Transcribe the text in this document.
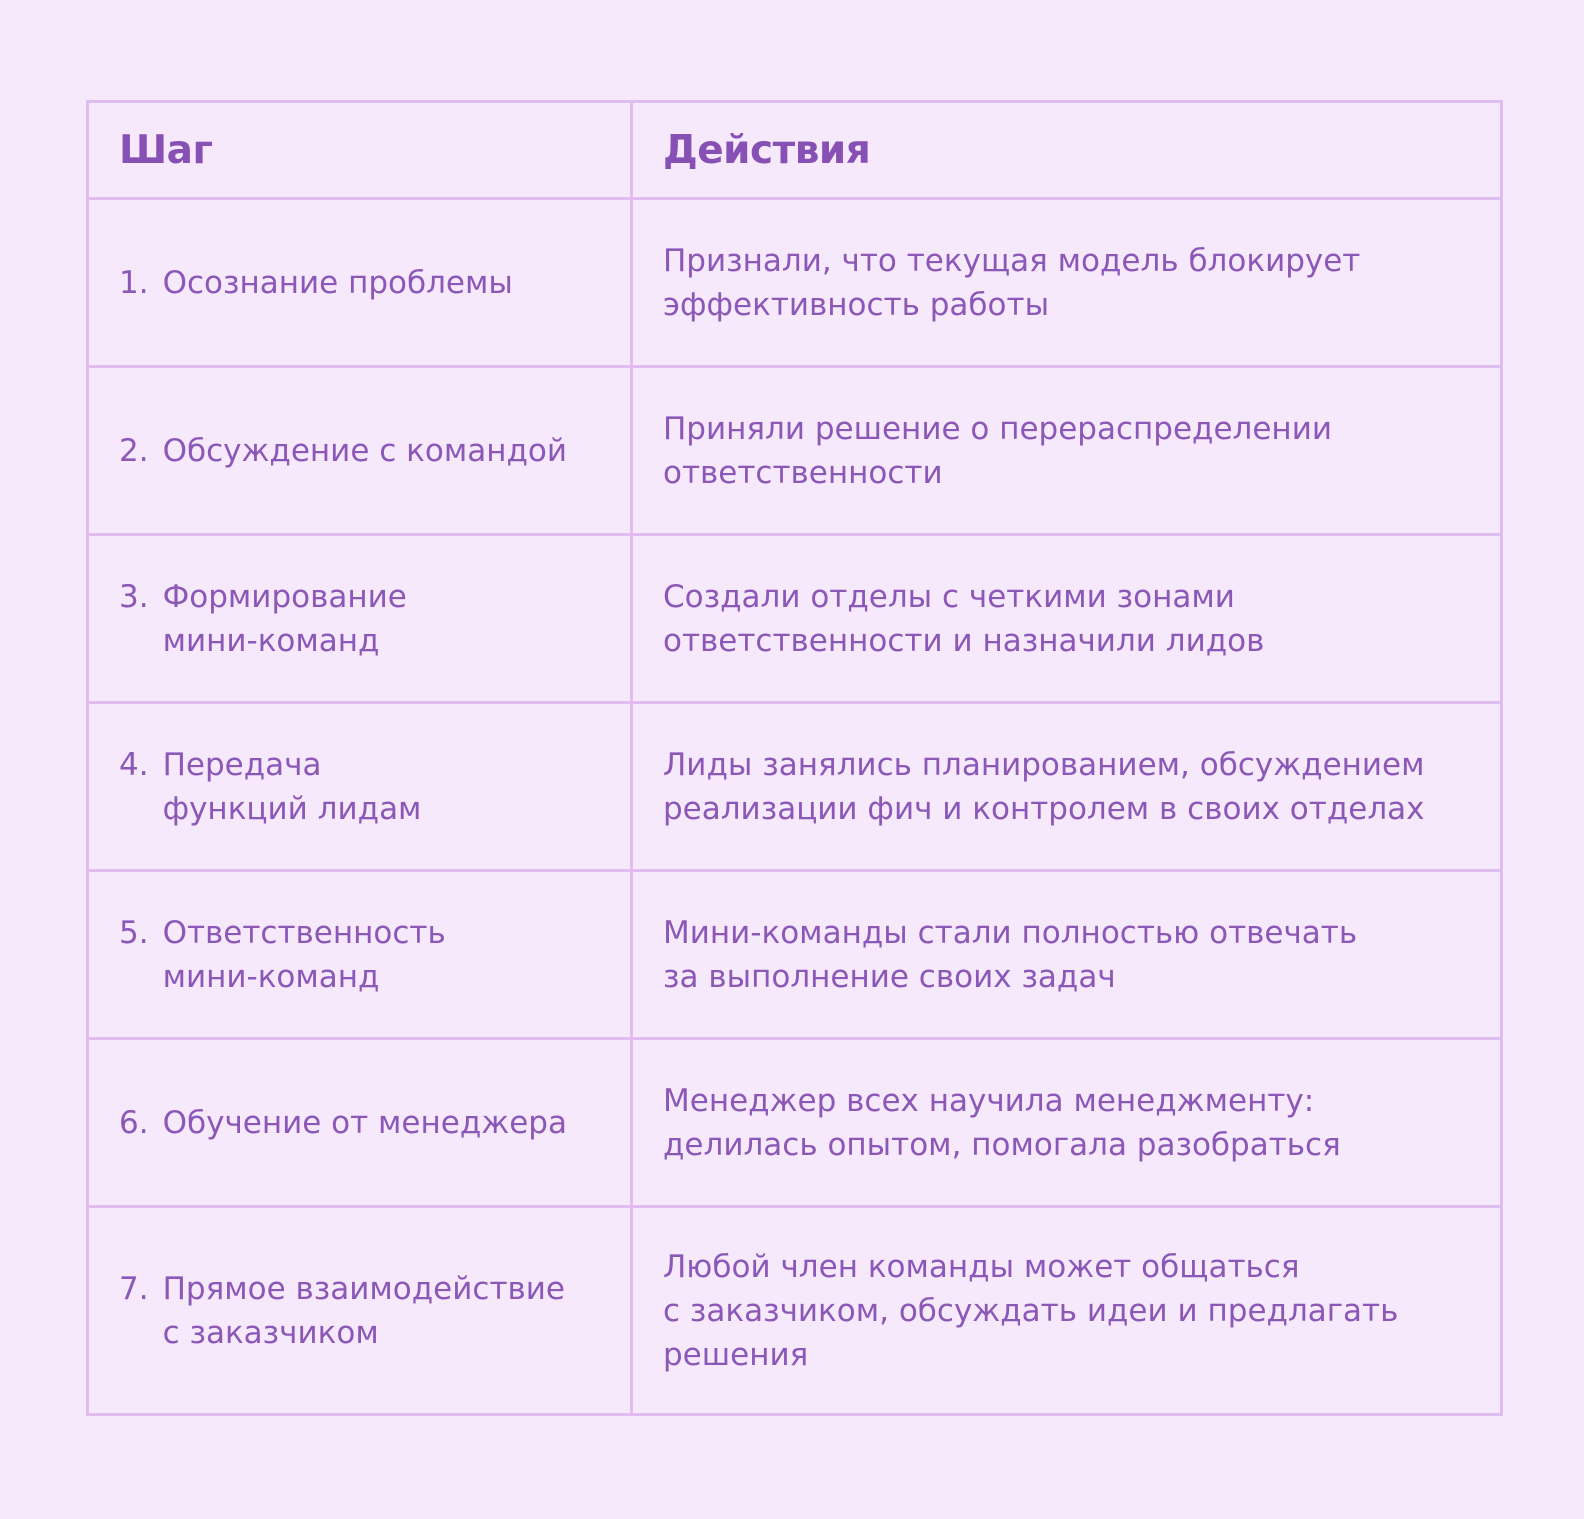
Шаг	Действия

1. Осознание проблемы	Признали, что текущая модель блокирует
эффективность работы

2. Обсуждение с командой	Приняли решение о перераспределении
ответственности

3. Формирование
мини-команд	Создали отделы с четкими зонами
ответственности и назначили лидов

4. Передача
функций лидам	Лиды занялись планированием, обсуждением
реализации фич и контролем в своих отделах

5. Ответственность
мини-команд	Мини-команды стали полностью отвечать
за выполнение своих задач

6. Обучение от менеджера	Менеджер всех научила менеджменту:
делилась опытом, помогала разобраться

7. Прямое взаимодействие
с заказчиком	Любой член команды может общаться
с заказчиком, обсуждать идеи и предлагать
решения
